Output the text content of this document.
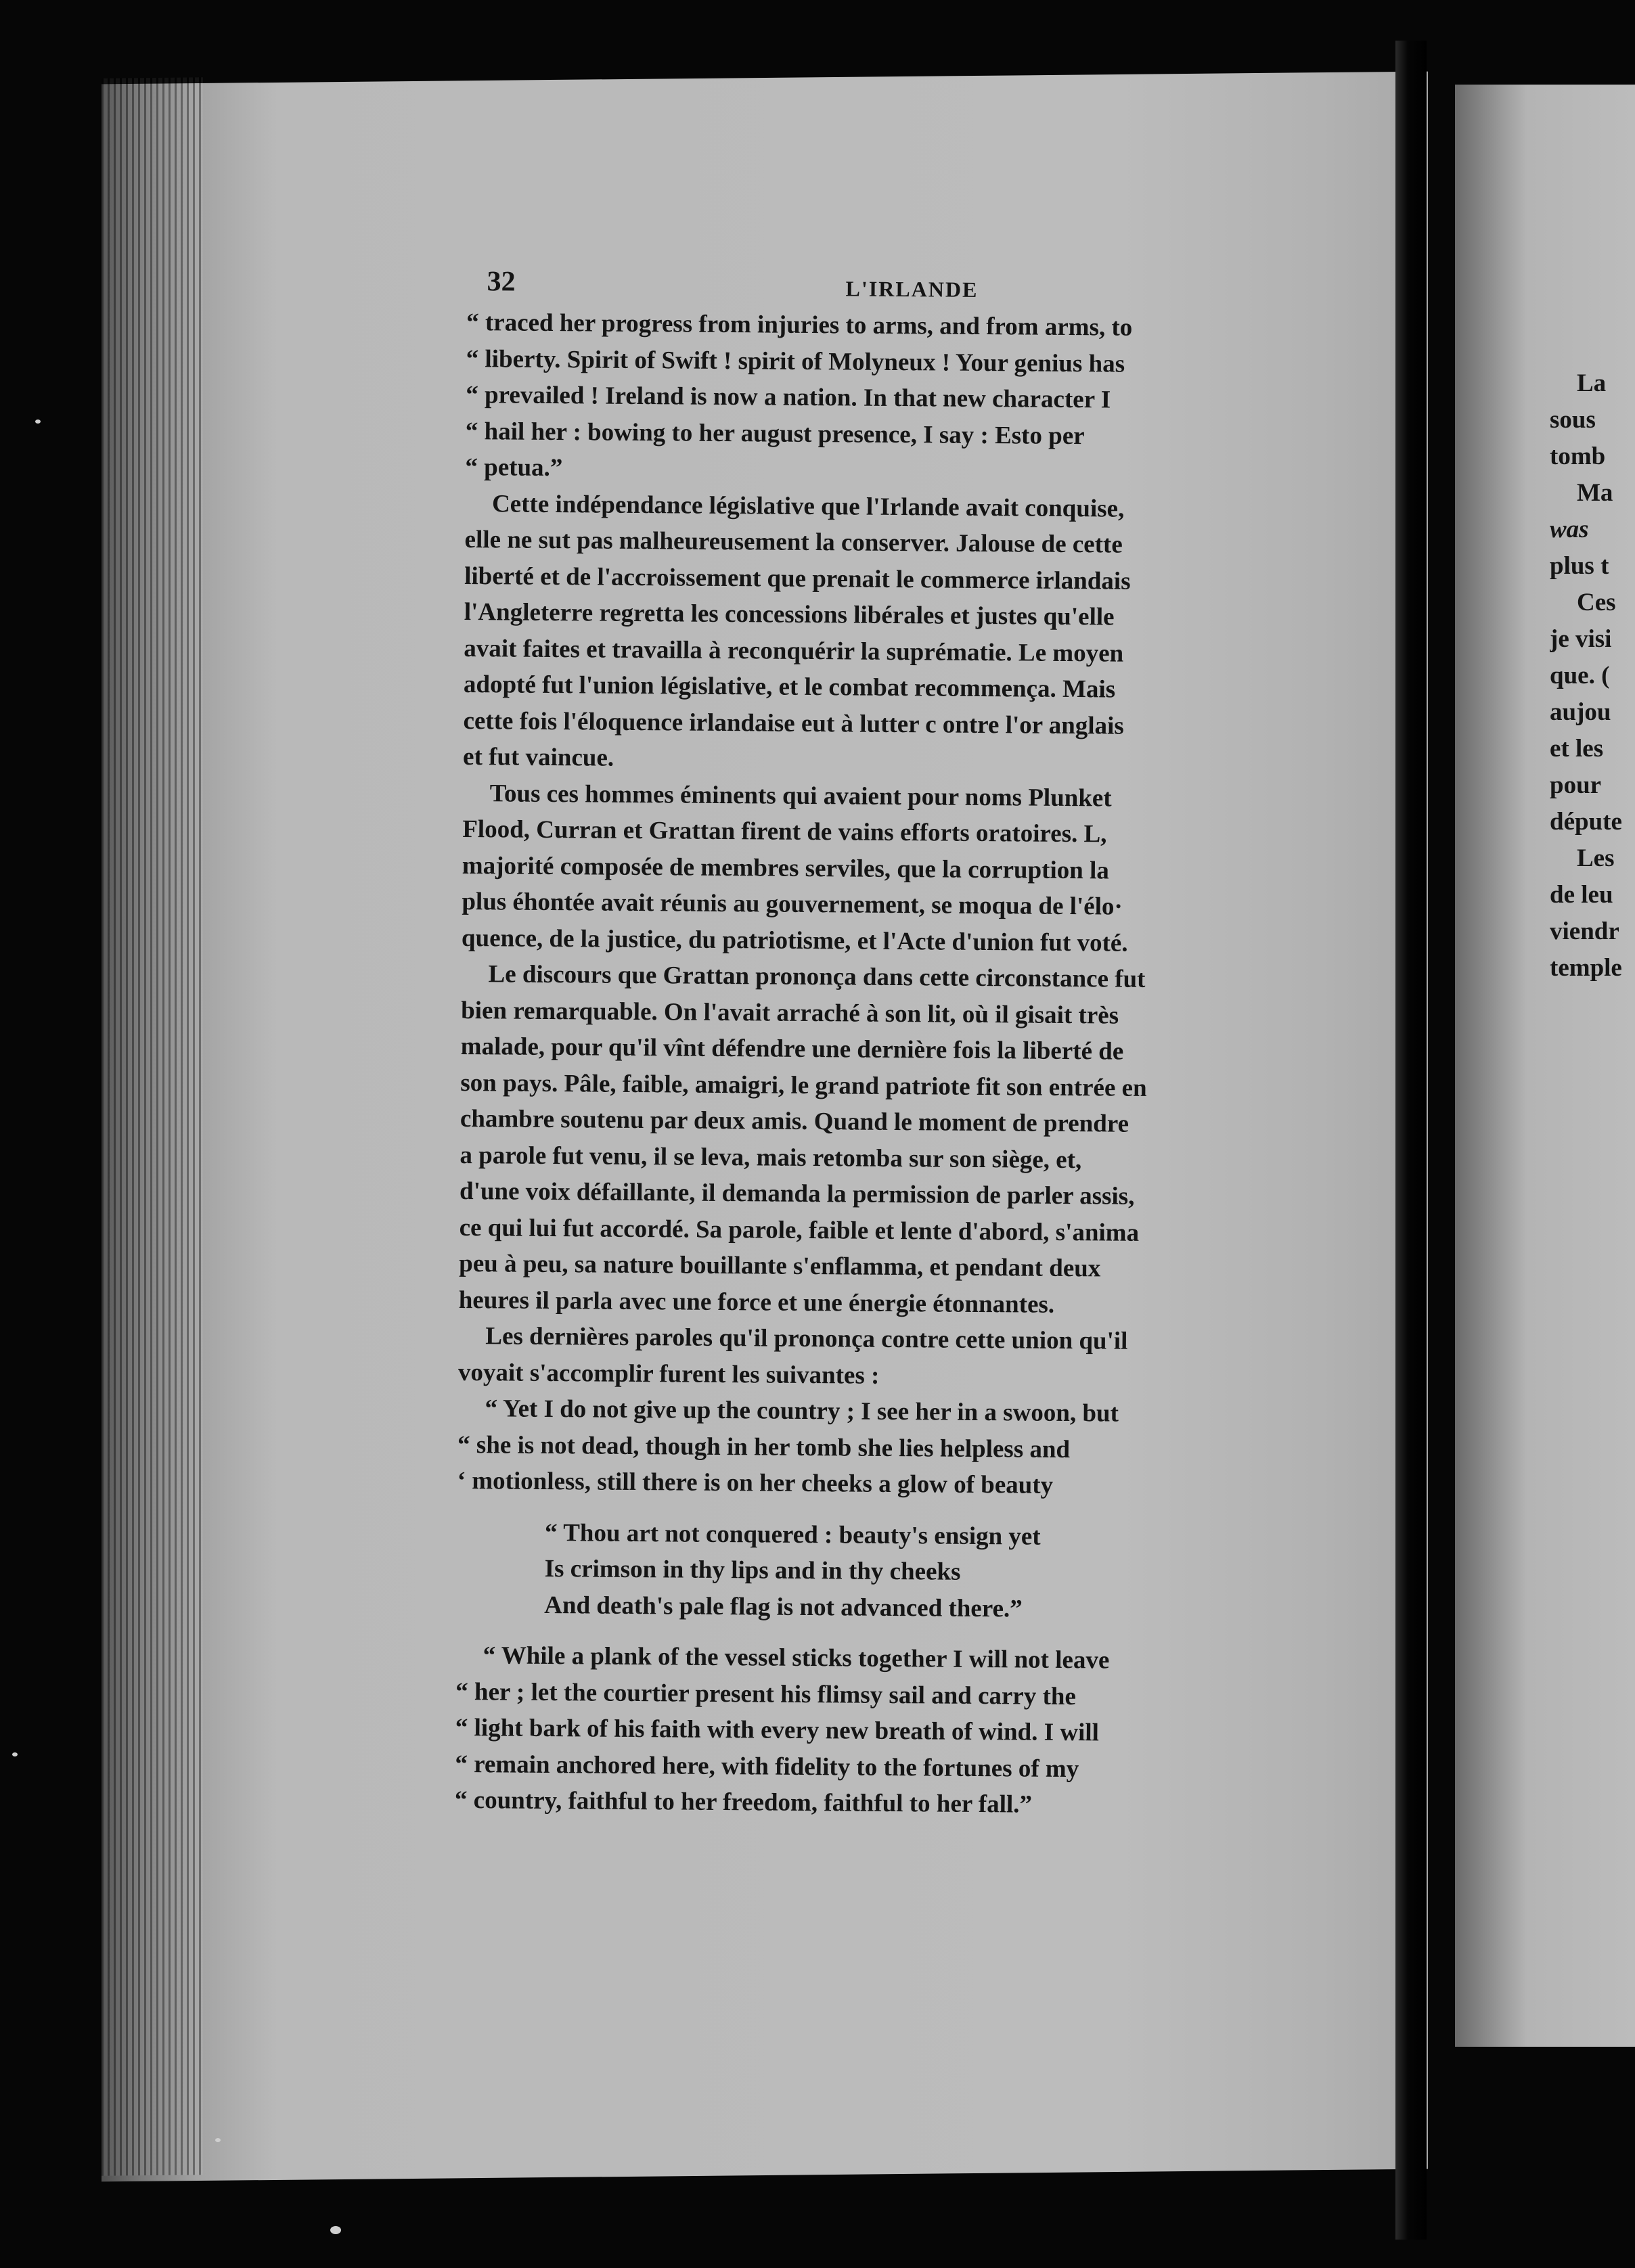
32	L'IRLANDE
“ traced her progress from injuries to arms, and from arms, to
“ liberty. Spirit of Swift ! spirit of Molyneux ! Your genius has
“ prevailed ! Ireland is now a nation. In that new character I
“ hail her : bowing to her august presence, I say : Esto per
“ petua.”
Cette indépendance législative que l'Irlande avait conquise,
elle ne sut pas malheureusement la conserver. Jalouse de cette
liberté et de l'accroissement que prenait le commerce irlandais
l'Angleterre regretta les concessions libérales et justes qu'elle
avait faites et travailla à reconquérir la suprématie. Le moyen
adopté fut l'union législative, et le combat recommença. Mais
cette fois l'éloquence irlandaise eut à lutter c ontre l'or anglais
et fut vaincue.
Tous ces hommes éminents qui avaient pour noms Plunket
Flood, Curran et Grattan firent de vains efforts oratoires. L,
majorité composée de membres serviles, que la corruption la
plus éhontée avait réunis au gouvernement, se moqua de l'élo·
quence, de la justice, du patriotisme, et l'Acte d'union fut voté.
Le discours que Grattan prononça dans cette circonstance fut
bien remarquable. On l'avait arraché à son lit, où il gisait très
malade, pour qu'il vînt défendre une dernière fois la liberté de
son pays. Pâle, faible, amaigri, le grand patriote fit son entrée en
chambre soutenu par deux amis. Quand le moment de prendre
a parole fut venu, il se leva, mais retomba sur son siège, et,
d'une voix défaillante, il demanda la permission de parler assis,
ce qui lui fut accordé. Sa parole, faible et lente d'abord, s'anima
peu à peu, sa nature bouillante s'enflamma, et pendant deux
heures il parla avec une force et une énergie étonnantes.
Les dernières paroles qu'il prononça contre cette union qu'il
voyait s'accomplir furent les suivantes :
“ Yet I do not give up the country ; I see her in a swoon, but
“ she is not dead, though in her tomb she lies helpless and
‘ motionless, still there is on her cheeks a glow of beauty
“ Thou art not conquered : beauty's ensign yet
Is crimson in thy lips and in thy cheeks
And death's pale flag is not advanced there.”
“ While a plank of the vessel sticks together I will not leave
“ her ; let the courtier present his flimsy sail and carry the
“ light bark of his faith with every new breath of wind. I will
“ remain anchored here, with fidelity to the fortunes of my
“ country, faithful to her freedom, faithful to her fall.”
La
sous
tomb
Ma
was
plus t
Ces
je visi
que. (
aujou
et les
pour
députe
Les
de leu
viendr
temple
